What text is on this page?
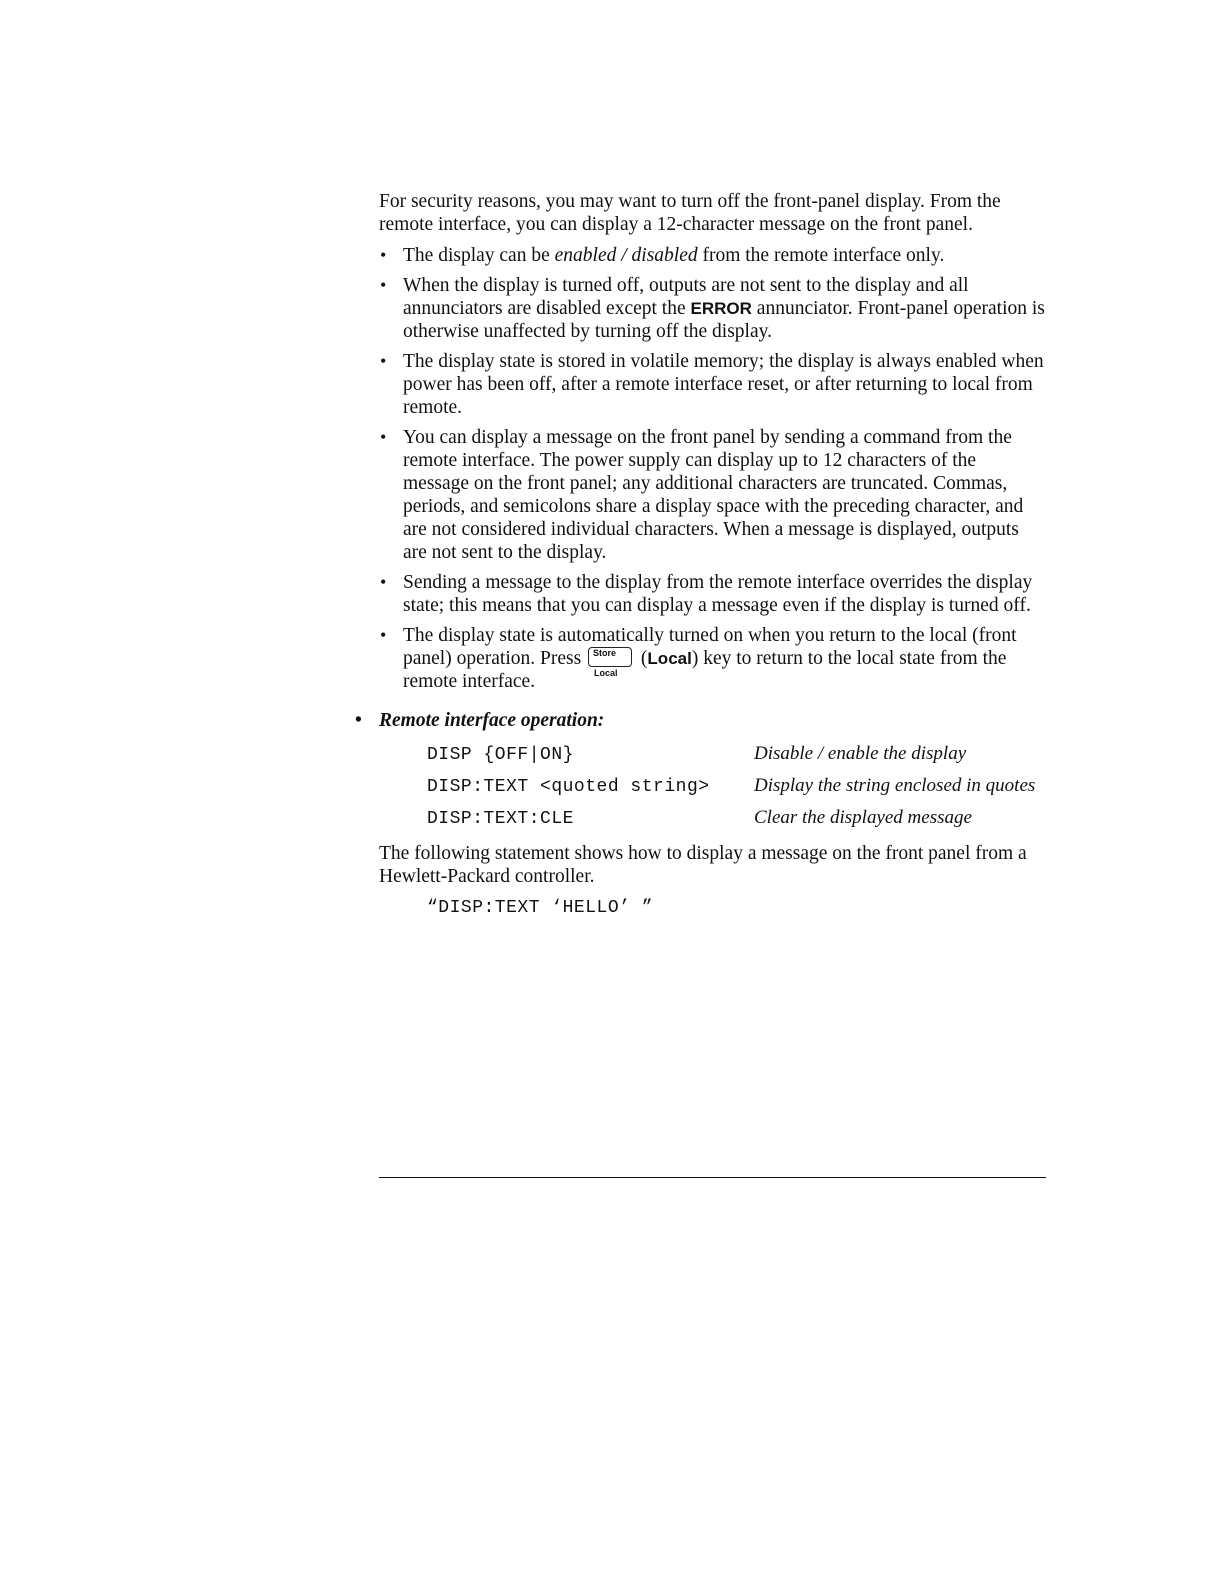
For security reasons, you may want to turn off the front-panel display. From the remote interface, you can display a 12-character message on the front panel.

• The display can be enabled / disabled from the remote interface only.
• When the display is turned off, outputs are not sent to the display and all annunciators are disabled except the ERROR annunciator. Front-panel operation is otherwise unaffected by turning off the display.
• The display state is stored in volatile memory; the display is always enabled when power has been off, after a remote interface reset, or after returning to local from remote.
• You can display a message on the front panel by sending a command from the remote interface. The power supply can display up to 12 characters of the message on the front panel; any additional characters are truncated. Commas, periods, and semicolons share a display space with the preceding character, and are not considered individual characters. When a message is displayed, outputs are not sent to the display.
• Sending a message to the display from the remote interface overrides the display state; this means that you can display a message even if the display is turned off.
• The display state is automatically turned on when you return to the local (front panel) operation. Press Store
Local
(Local) key to return to the local state from the remote interface.
• Remote interface operation:
DISP {OFF|ON}	Disable / enable the display
DISP:TEXT <quoted string>	Display the string enclosed in quotes
DISP:TEXT:CLE	Clear the displayed message

The following statement shows how to display a message on the front panel from a Hewlett-Packard controller.

“DISP:TEXT ‘HELLO’ ”
